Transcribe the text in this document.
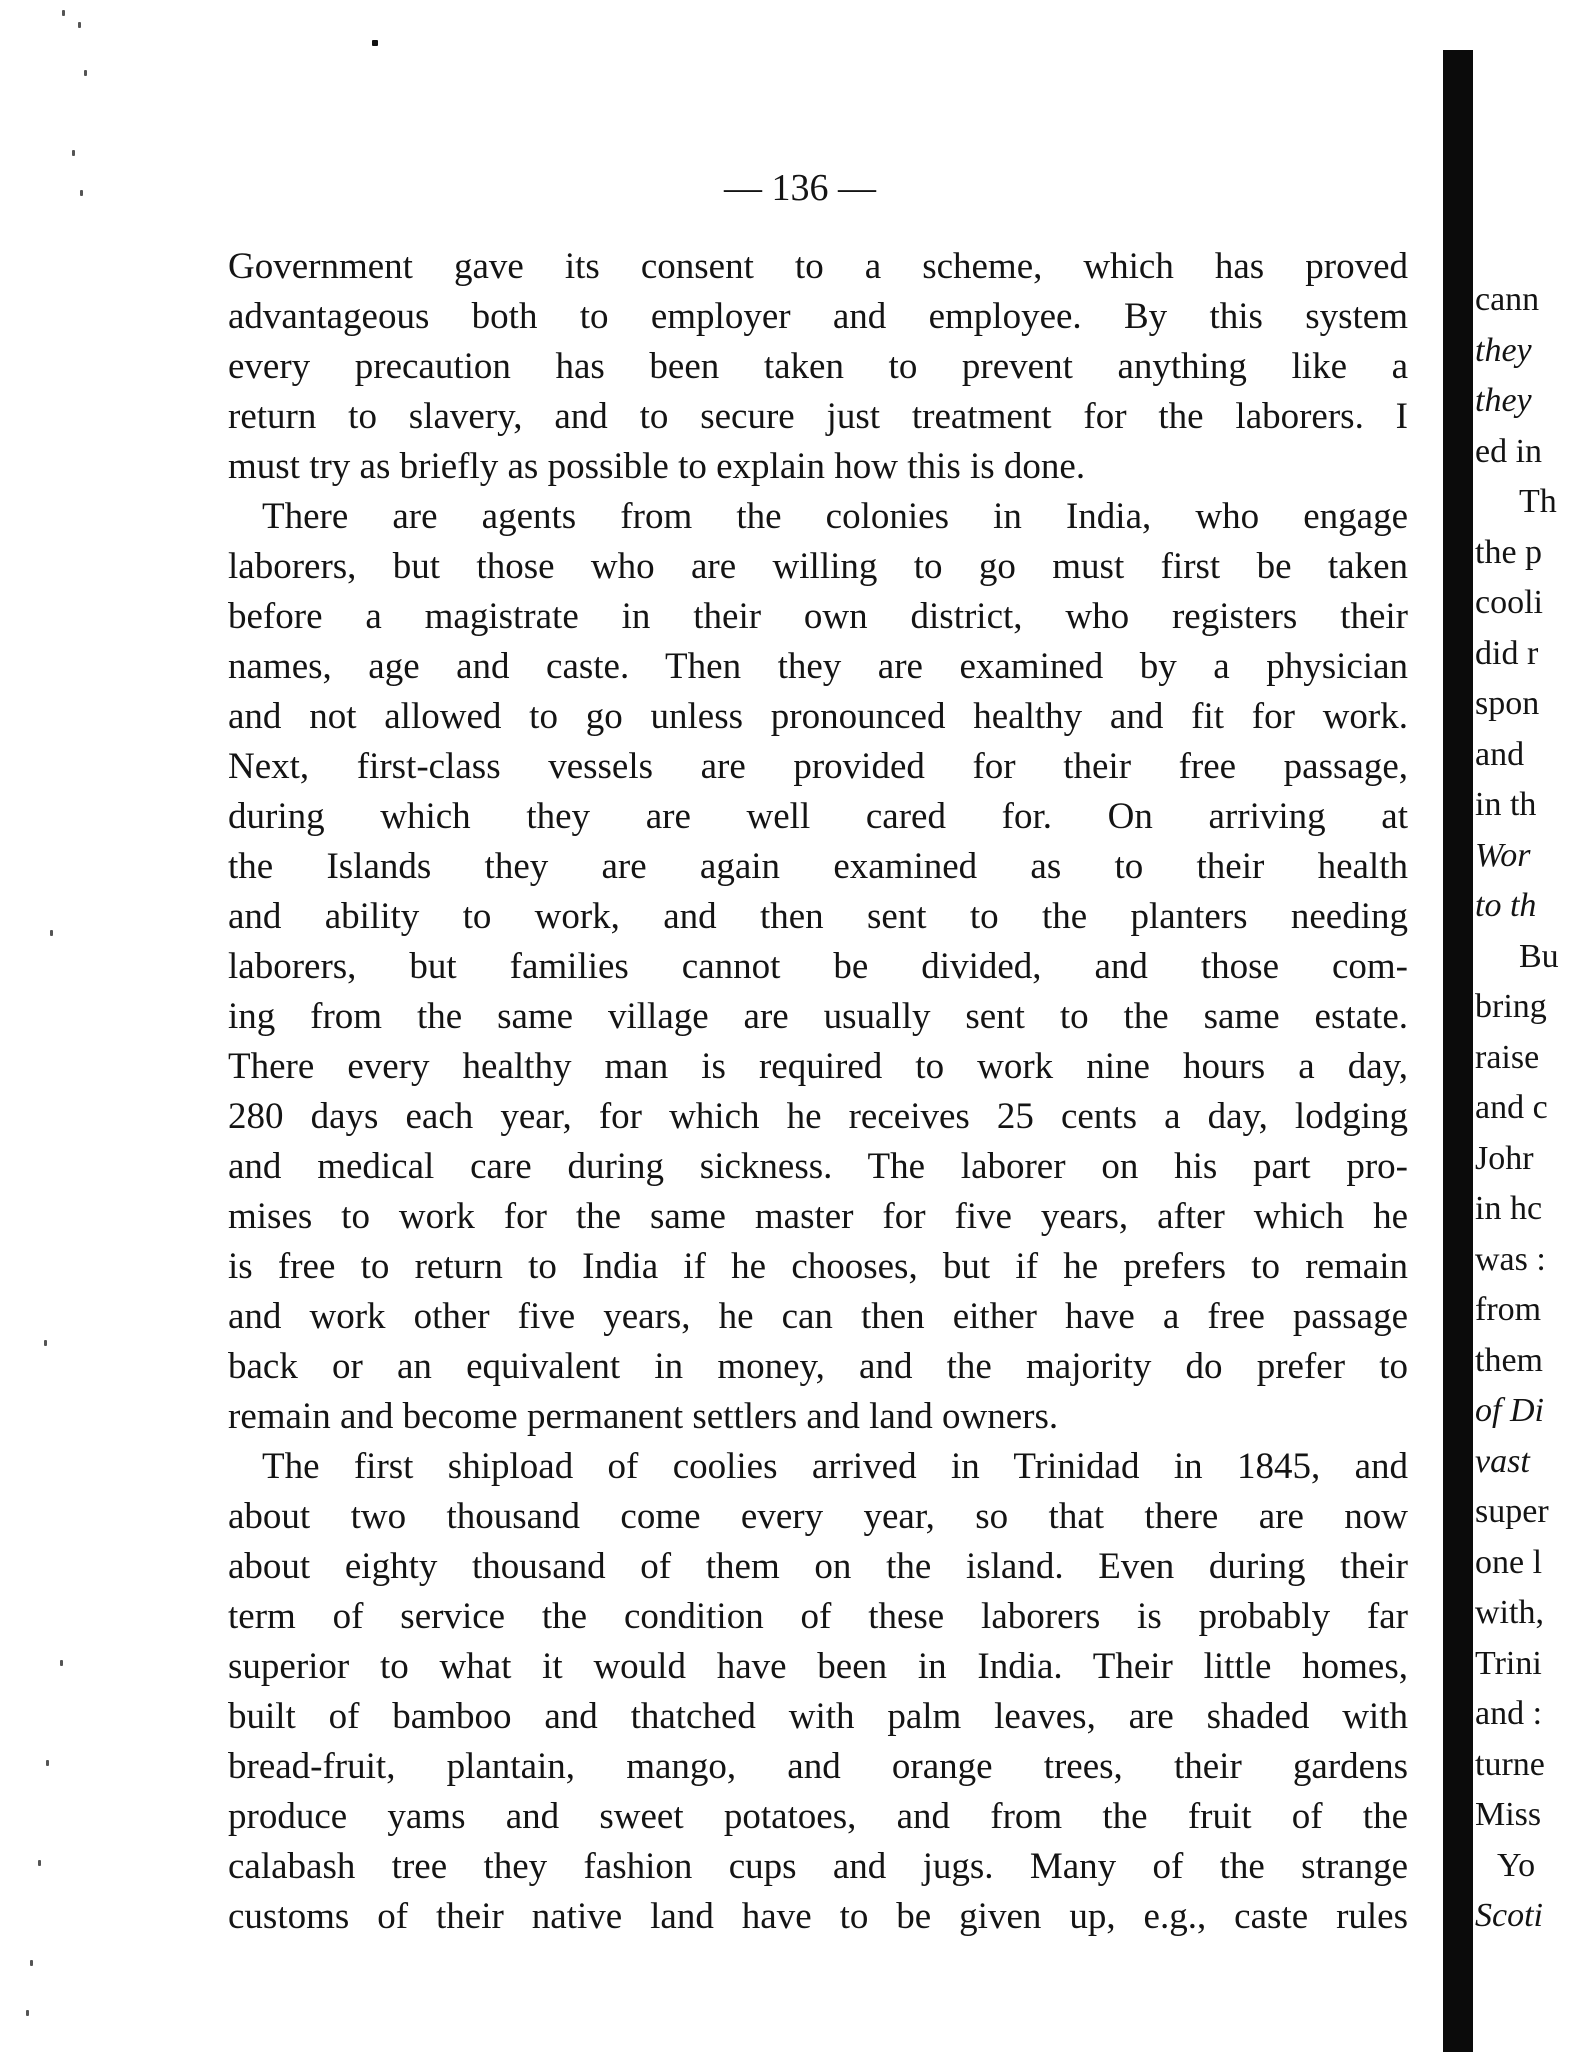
— 136 —
Government gave its consent to a scheme, which has proved
advantageous both to employer and employee. By this system
every precaution has been taken to prevent anything like a
return to slavery, and to secure just treatment for the laborers. I
must try as briefly as possible to explain how this is done.
There are agents from the colonies in India, who engage
laborers, but those who are willing to go must first be taken
before a magistrate in their own district, who registers their
names, age and caste. Then they are examined by a physician
and not allowed to go unless pronounced healthy and fit for work.
Next, first-class vessels are provided for their free passage,
during which they are well cared for. On arriving at
the Islands they are again examined as to their health
and ability to work, and then sent to the planters needing
laborers, but families cannot be divided, and those com-
ing from the same village are usually sent to the same estate.
There every healthy man is required to work nine hours a day,
280 days each year, for which he receives 25 cents a day, lodging
and medical care during sickness. The laborer on his part pro-
mises to work for the same master for five years, after which he
is free to return to India if he chooses, but if he prefers to remain
and work other five years, he can then either have a free passage
back or an equivalent in money, and the majority do prefer to
remain and become permanent settlers and land owners.
The first shipload of coolies arrived in Trinidad in 1845, and
about two thousand come every year, so that there are now
about eighty thousand of them on the island. Even during their
term of service the condition of these laborers is probably far
superior to what it would have been in India. Their little homes,
built of bamboo and thatched with palm leaves, are shaded with
bread-fruit, plantain, mango, and orange trees, their gardens
produce yams and sweet potatoes, and from the fruit of the
calabash tree they fashion cups and jugs. Many of the strange
customs of their native land have to be given up, e.g., caste rules
cann
they
they
ed in
Th
the p
cooli
did r
spon
and
in th
Wor
to th
Bu
bring
raise
and c
Johr
in hc
was :
from
them
of Di
vast
super
one l
with,
Trini
and :
turne
Miss
Yo
Scoti
